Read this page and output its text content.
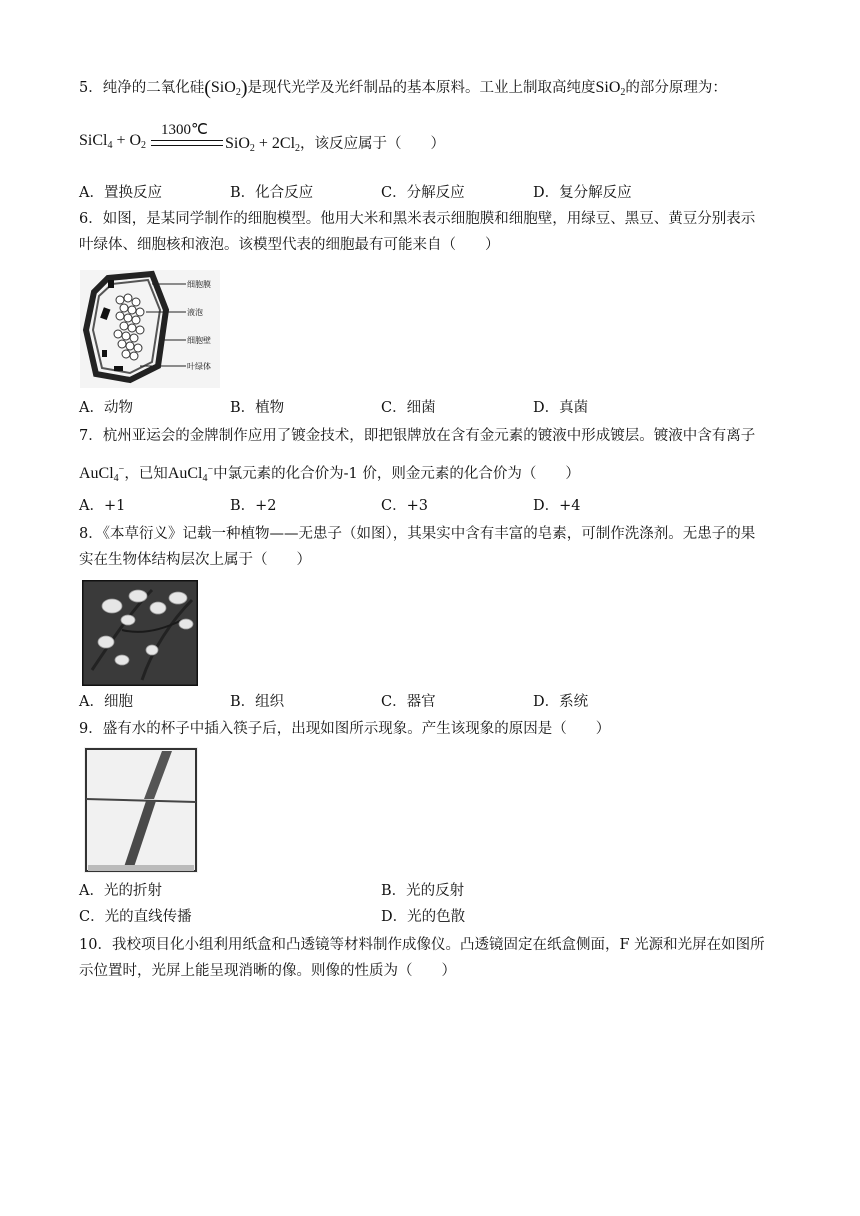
5．纯净的二氧化硅(SiO$_2$)是现代光学及光纤制品的基本原料。工业上制取高纯度SiO$_2$的部分原理为：
1300℃
SiCl$_4$ + $O_2$	$SiO_2 + 2Cl_2$，该反应属于（　　）
A．置换反应	B．化合反应	C．分解反应	D．复分解反应
6．如图，是某同学制作的细胞模型。他用大米和黑米表示细胞膜和细胞壁，用绿豆、黑豆、黄豆分别表示
叶绿体、细胞核和液泡。该模型代表的细胞最有可能来自（　　）
细胞膜
液泡
细胞壁
叶绿体
A．动物	B．植物	C．细菌	D．真菌
7．杭州亚运会的金牌制作应用了镀金技术，即把银牌放在含有金元素的镀液中形成镀层。镀液中含有离子
AuCl$_4$−，已知AuCl$_4$−中氯元素的化合价为-1 价，则金元素的化合价为（　　）
A．+1	B．+2	C．+3	D．+4
8．《本草衍义》记载一种植物——无患子（如图），其果实中含有丰富的皂素，可制作洗涤剂。无患子的果
实在生物体结构层次上属于（　　）
A．细胞	B．组织	C．器官	D．系统
9．盛有水的杯子中插入筷子后，出现如图所示现象。产生该现象的原因是（　　）
A．光的折射	B．光的反射
C．光的直线传播	D．光的色散
10．我校项目化小组利用纸盒和凸透镜等材料制作成像仪。凸透镜固定在纸盒侧面，F 光源和光屏在如图所
示位置时，光屏上能呈现消晰的像。则像的性质为（　　）
